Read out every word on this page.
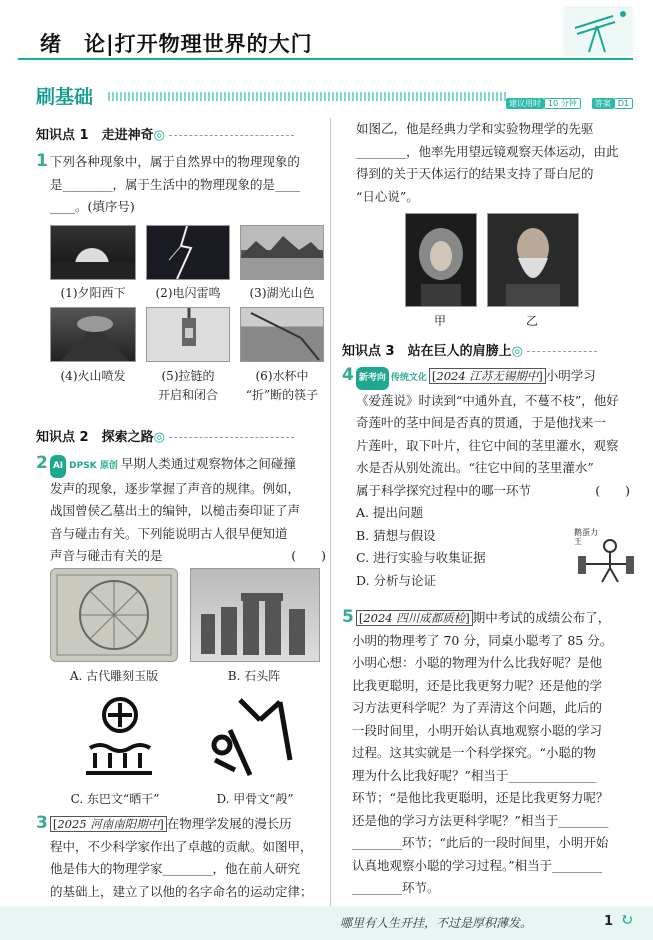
绪　论|打开物理世界的大门
刷基础	建议用时 10 分钟 答案 D1
知识点 1　走进神奇◎
1 下列各种现象中，属于自然界中的物理现象的
是________，属于生活中的物理现象的是____
____。(填序号)
(1)夕阳西下	(2)电闪雷鸣	(3)湖光山色
(4)火山喷发	(5)拉链的
开启和闭合
(6)水杯中
“折”断的筷子
知识点 2　探索之路◎
2 AI DPSK 原创 早期人类通过观察物体之间碰撞
发声的现象，逐步掌握了声音的规律。例如，
战国曾侯乙墓出土的编钟，以槌击奏印证了声
音与碰击有关。下列能说明古人很早便知道
声音与碰击有关的是	(　　)
A. 古代雕刻玉版	B. 石头阵
C. 东巴文“晒干”	D. 甲骨文“殸”
3 [2025 河南南阳期中] 在物理学发展的漫长历
程中，不少科学家作出了卓越的贡献。如图甲，
他是伟大的物理学家________，他在前人研究
的基础上，建立了以他的名字命名的运动定律；
如图乙，他是经典力学和实验物理学的先驱
________，他率先用望远镜观察天体运动，由此
得到的关于天体运行的结果支持了哥白尼的
“日心说”。
甲	乙
知识点 3　站在巨人的肩膀上◎
4 新考向 传统文化 [2024 江苏无锡期中] 小明学习
《爱莲说》时读到“中通外直，不蔓不枝”，他好
奇莲叶的茎中间是否真的贯通，于是他找来一
片莲叶，取下叶片，往它中间的茎里灌水，观察
水是否从别处流出。“往它中间的茎里灌水”
属于科学探究过程中的哪一环节	(　　)
A. 提出问题
B. 猜想与假设
C. 进行实验与收集证据
D. 分析与论证
鹅蛋力王
5 [2024 四川成都质检] 期中考试的成绩公布了，
小明的物理考了 70 分，同桌小聪考了 85 分。
小明心想：小聪的物理为什么比我好呢？是他
比我更聪明，还是比我更努力呢？还是他的学
习方法更科学呢？为了弄清这个问题，此后的
一段时间里，小明开始认真地观察小聪的学习
过程。这其实就是一个科学探究。“小聪的物
理为什么比我好呢？”相当于______________
环节；“是他比我更聪明，还是比我更努力呢？
还是他的学习方法更科学呢？”相当于________
________环节；“此后的一段时间里，小明开始
认真地观察小聪的学习过程。”相当于________
________环节。
哪里有人生开挂，不过是厚积薄发。	1 ↻
